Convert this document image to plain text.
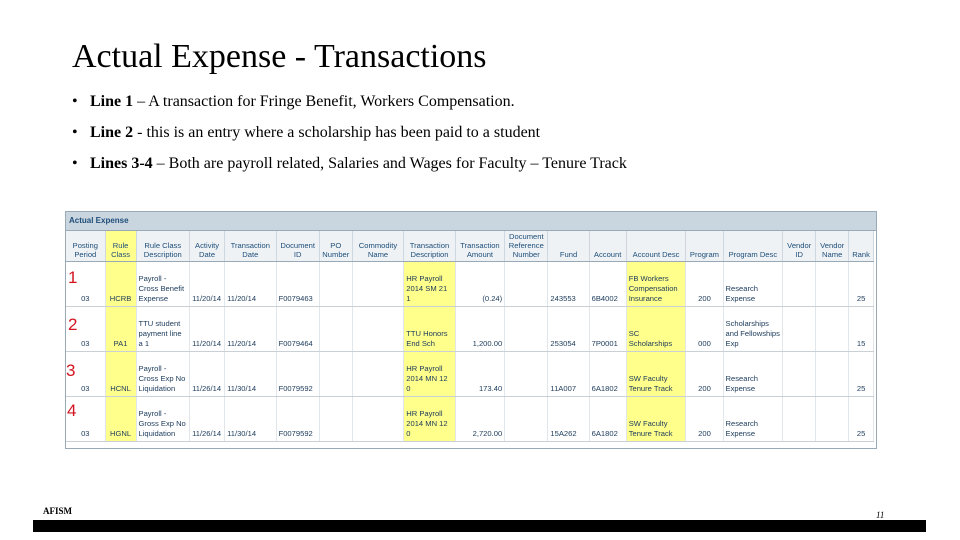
Actual Expense - Transactions
• Line 1 – A transaction for Fringe Benefit, Workers Compensation.
• Line 2 - this is an entry where a scholarship has been paid to a student
• Lines 3-4 – Both are payroll related, Salaries and Wages for Faculty – Tenure Track
Actual Expense
Posting Period	Rule Class	Rule Class Description	Activity Date	Transaction Date	Document ID	PO Number	Commodity Name	Transaction Description	Transaction Amount	Document Reference Number	Fund	Account	Account Desc	Program	Program Desc	Vendor ID	Vendor Name	Rank
03	HCRB	Payroll - Cross Benefit Expense	11/20/14	11/20/14	F0079463			HR Payroll 2014 SM 21 1	(0.24)		243553	6B4002	FB Workers Compensation Insurance	200	Research Expense			25
03	PA1	TTU student payment line a 1	11/20/14	11/20/14	F0079464			TTU Honors End Sch	1,200.00		253054	7P0001	SC Scholarships	000	Scholarships and Fellowships Exp			15
03	HCNL	Payroll - Cross Exp No Liquidation	11/26/14	11/30/14	F0079592			HR Payroll 2014 MN 12 0	173.40		11A007	6A1802	SW Faculty Tenure Track	200	Research Expense			25
03	HGNL	Payroll - Gross Exp No Liquidation	11/26/14	11/30/14	F0079592			HR Payroll 2014 MN 12 0	2,720.00		15A262	6A1802	SW Faculty Tenure Track	200	Research Expense			25
1
2
3
4
AFISM	11
